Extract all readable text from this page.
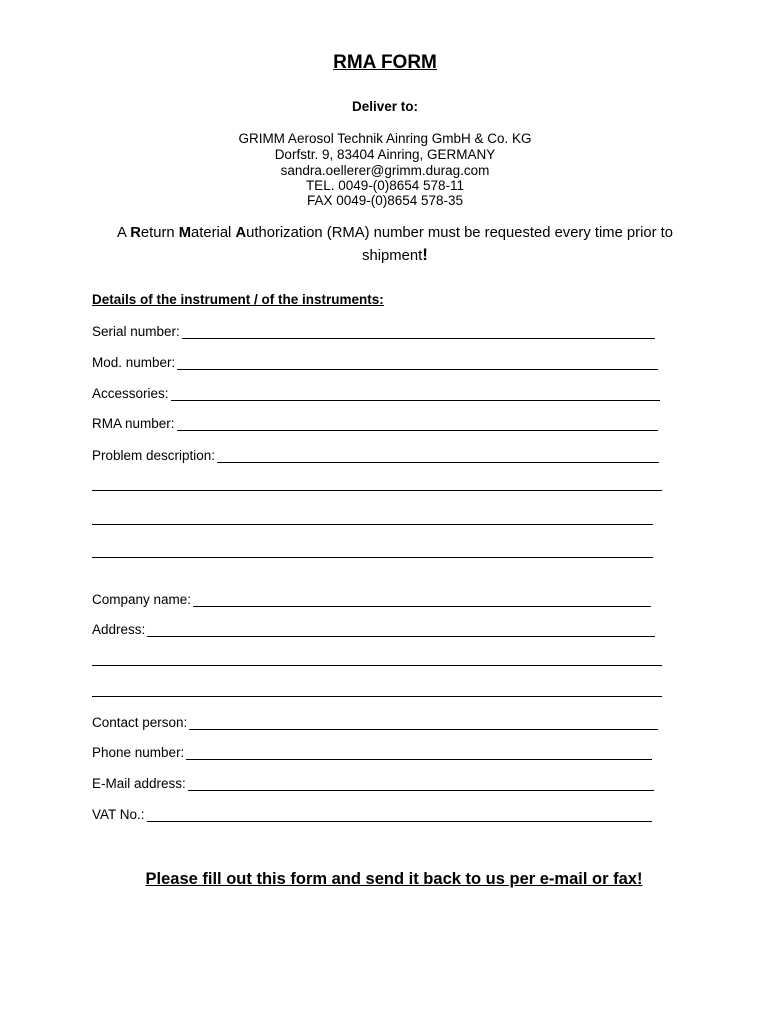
RMA FORM
Deliver to:
GRIMM Aerosol Technik Ainring GmbH & Co. KG
Dorfstr. 9, 83404 Ainring, GERMANY
sandra.oellerer@grimm.durag.com
TEL. 0049-(0)8654 578-11
FAX 0049-(0)8654 578-35
A Return Material Authorization (RMA) number must be requested every time prior to shipment!
Details of the instrument / of the instruments:
Serial number:
Mod. number:
Accessories:
RMA number:
Problem description:
Company name:
Address:
Contact person:
Phone number:
E-Mail address:
VAT No.:
Please fill out this form and send it back to us per e-mail or fax!
